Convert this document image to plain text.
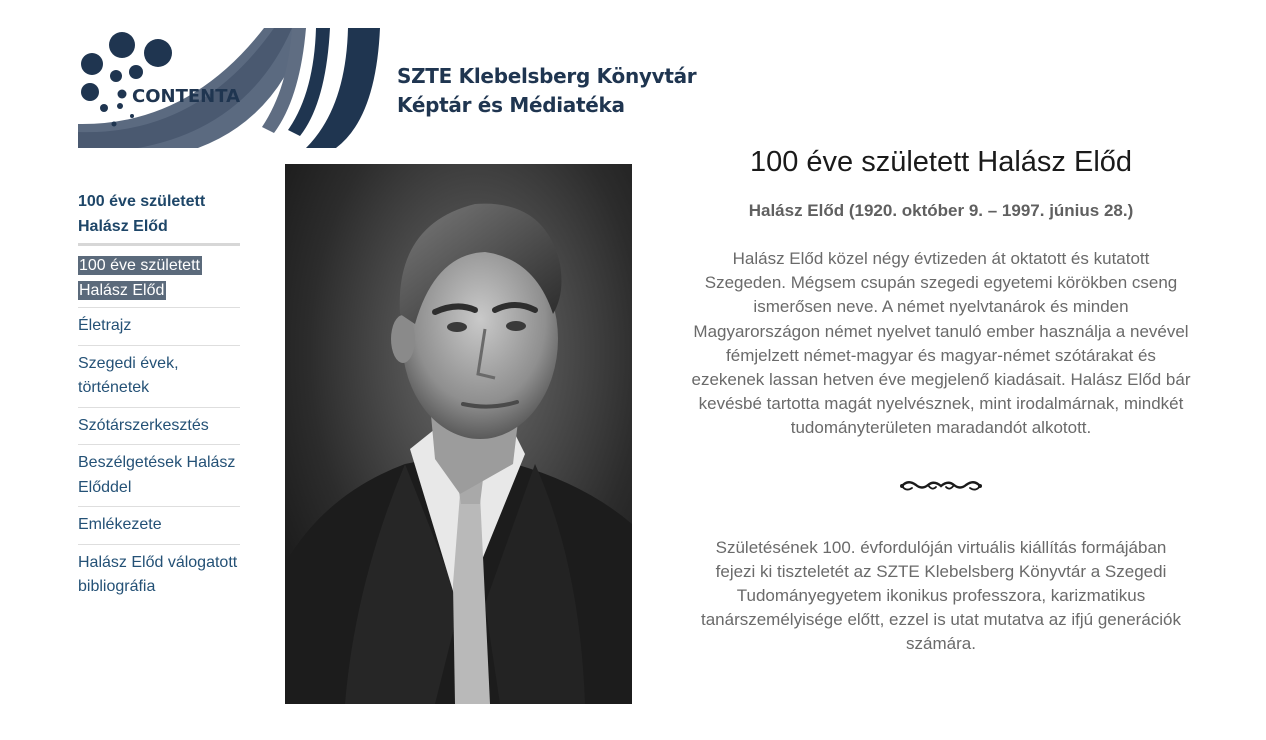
CONTENTA
SZTE Klebelsberg Könyvtár
Képtár és Médiatéka
100 éve született Halász Előd
100 éve született Halász Előd
Életrajz
Szegedi évek, történetek
Szótárszerkesztés
Beszélgetések Halász Előddel
Emlékezete
Halász Előd válogatott bibliográfia
100 éve született Halász Előd
Halász Előd (1920. október 9. – 1997. június 28.)

Halász Előd közel négy évtizeden át oktatott és kutatott Szegeden. Mégsem csupán szegedi egyetemi körökben cseng ismerősen neve. A német nyelvtanárok és minden Magyarországon német nyelvet tanuló ember használja a nevével fémjelzett német-magyar és magyar-német szótárakat és ezekenek lassan hetven éve megjelenő kiadásait. Halász Előd bár kevésbé tartotta magát nyelvésznek, mint irodalmárnak, mindkét tudományterületen maradandót alkotott.

Születésének 100. évfordulóján virtuális kiállítás formájában fejezi ki tiszteletét az SZTE Klebelsberg Könyvtár a Szegedi Tudományegyetem ikonikus professzora, karizmatikus tanárszemélyisége előtt, ezzel is utat mutatva az ifjú generációk számára.
